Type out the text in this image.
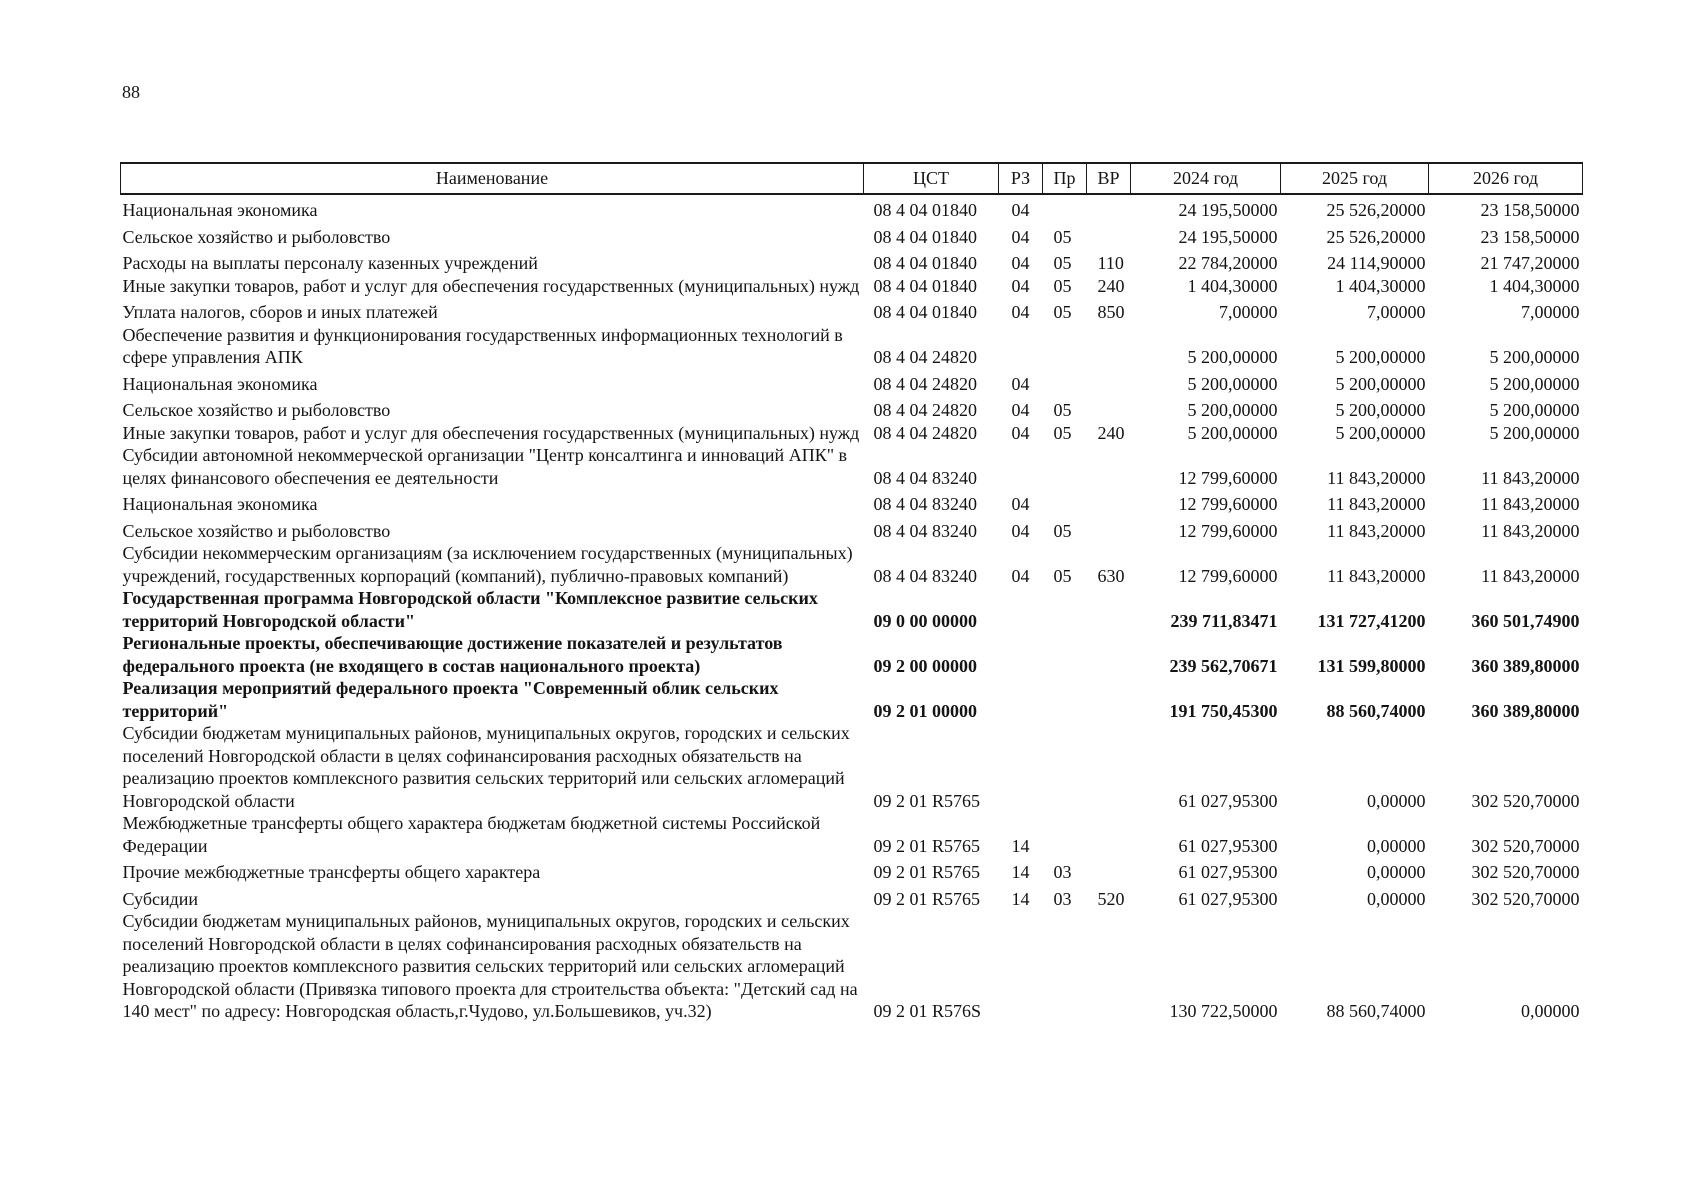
88
Наименование	ЦСТ	РЗ	Пр	ВР	2024 год	2025 год	2026 год
Национальная экономика	08 4 04 01840	04			24 195,50000	25 526,20000	23 158,50000
Сельское хозяйство и рыболовство	08 4 04 01840	04	05		24 195,50000	25 526,20000	23 158,50000
Расходы на выплаты персоналу казенных учреждений	08 4 04 01840	04	05	110	22 784,20000	24 114,90000	21 747,20000
Иные закупки товаров, работ и услуг для обеспечения государственных (муниципальных) нужд	08 4 04 01840	04	05	240	1 404,30000	1 404,30000	1 404,30000
Уплата налогов, сборов и иных платежей	08 4 04 01840	04	05	850	7,00000	7,00000	7,00000
Обеспечение развития и функционирования государственных информационных технологий в сфере управления АПК	08 4 04 24820				5 200,00000	5 200,00000	5 200,00000
Национальная экономика	08 4 04 24820	04			5 200,00000	5 200,00000	5 200,00000
Сельское хозяйство и рыболовство	08 4 04 24820	04	05		5 200,00000	5 200,00000	5 200,00000
Иные закупки товаров, работ и услуг для обеспечения государственных (муниципальных) нужд	08 4 04 24820	04	05	240	5 200,00000	5 200,00000	5 200,00000
Субсидии автономной некоммерческой организации "Центр консалтинга и инноваций АПК" в целях финансового обеспечения ее деятельности	08 4 04 83240				12 799,60000	11 843,20000	11 843,20000
Национальная экономика	08 4 04 83240	04			12 799,60000	11 843,20000	11 843,20000
Сельское хозяйство и рыболовство	08 4 04 83240	04	05		12 799,60000	11 843,20000	11 843,20000
Субсидии некоммерческим организациям (за исключением государственных (муниципальных) учреждений, государственных корпораций (компаний), публично-правовых компаний)	08 4 04 83240	04	05	630	12 799,60000	11 843,20000	11 843,20000
Государственная программа Новгородской области "Комплексное развитие сельских территорий Новгородской области"	09 0 00 00000				239 711,83471	131 727,41200	360 501,74900
Региональные проекты, обеспечивающие достижение показателей и результатов федерального проекта (не входящего в состав национального проекта)	09 2 00 00000				239 562,70671	131 599,80000	360 389,80000
Реализация мероприятий федерального проекта "Современный облик сельских территорий"	09 2 01 00000				191 750,45300	88 560,74000	360 389,80000
Субсидии бюджетам муниципальных районов, муниципальных округов, городских и сельских поселений Новгородской области в целях софинансирования расходных обязательств на реализацию проектов комплексного развития сельских территорий или сельских агломераций Новгородской области	09 2 01 R5765				61 027,95300	0,00000	302 520,70000
Межбюджетные трансферты общего характера бюджетам бюджетной системы Российской Федерации	09 2 01 R5765	14			61 027,95300	0,00000	302 520,70000
Прочие межбюджетные трансферты общего характера	09 2 01 R5765	14	03		61 027,95300	0,00000	302 520,70000
Субсидии	09 2 01 R5765	14	03	520	61 027,95300	0,00000	302 520,70000
Субсидии бюджетам муниципальных районов, муниципальных округов, городских и сельских поселений Новгородской области в целях софинансирования расходных обязательств на реализацию проектов комплексного развития сельских территорий или сельских агломераций Новгородской области (Привязка типового проекта для строительства объекта: "Детский сад на 140 мест" по адресу: Новгородская область,г.Чудово, ул.Большевиков, уч.32)	09 2 01 R576S				130 722,50000	88 560,74000	0,00000
